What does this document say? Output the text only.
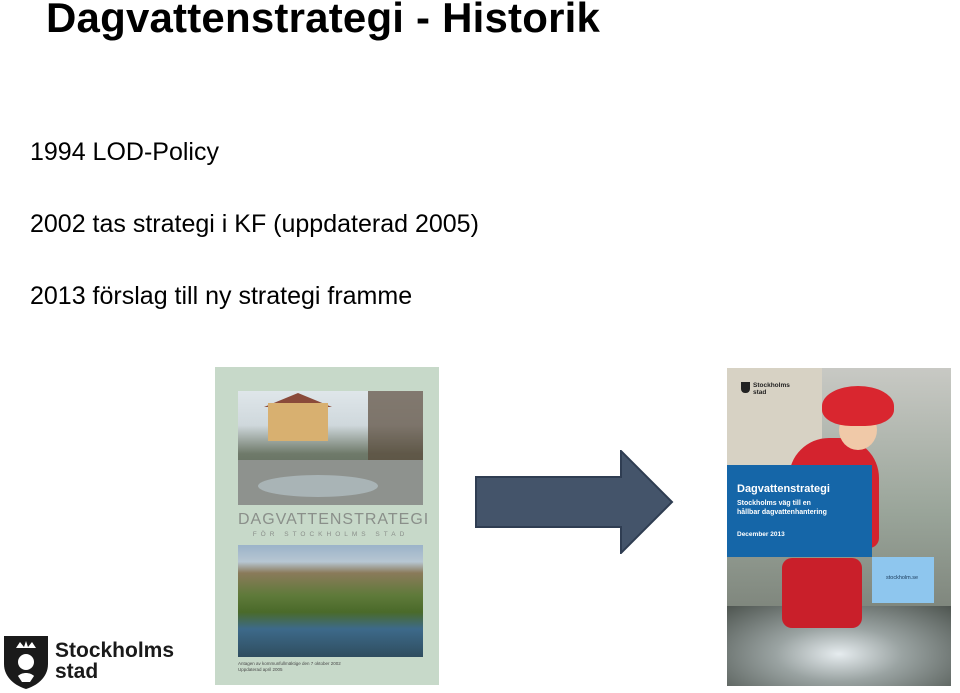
Dagvattenstrategi - Historik
1994 LOD-Policy
2002 tas strategi i KF (uppdaterad 2005)
2013 förslag till ny strategi framme
DAGVATTENSTRATEGI
FÖR STOCKHOLMS STAD
Antagen av kommunfullmäktige den 7 oktober 2002
Uppdaterad april 2005
Stockholms
stad
Dagvattenstrategi
Stockholms väg till en
hållbar dagvattenhantering
December 2013
stockholm.se
Stockholms
stad
